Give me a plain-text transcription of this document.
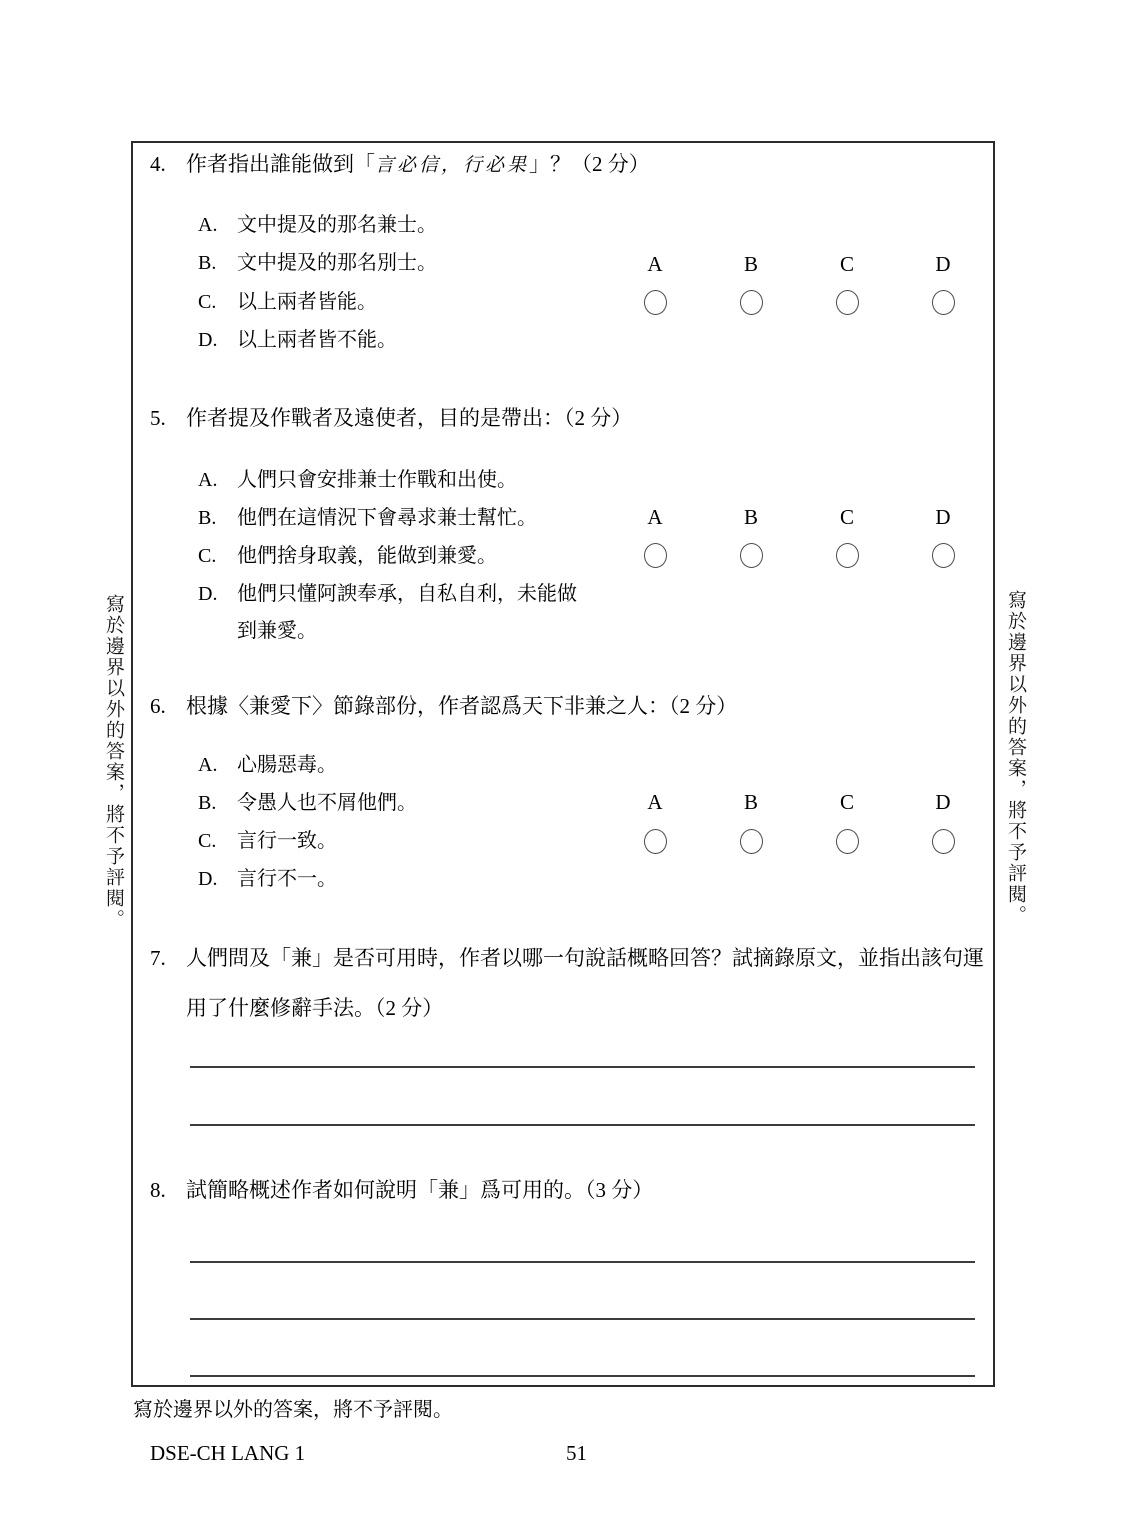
寫於邊界以外的答案，將不予評閱。	寫於邊界以外的答案，將不予評閱。
4. 作者指出誰能做到「言必信，行必果」？（2 分）
A. 文中提及的那名兼士。
B.	文中提及的那名別士。
C.	以上兩者皆能。
D. 以上兩者皆不能。
A	B	C	D
5. 作者提及作戰者及遠使者，目的是帶出：（2 分）
A. 人們只會安排兼士作戰和出使。
B.	他們在這情況下會尋求兼士幫忙。
C.	他們捨身取義，能做到兼愛。
D. 他們只懂阿諛奉承，自私自利，未能做
到兼愛。
A	B	C	D
6. 根據〈兼愛下〉節錄部份，作者認爲天下非兼之人：（2 分）
A. 心腸惡毒。
B.	令愚人也不屑他們。
C.	言行一致。
D. 言行不一。
A	B	C	D
7. 人們問及「兼」是否可用時，作者以哪一句說話概略回答？試摘錄原文，並指出該句運
用了什麼修辭手法。（2 分）
8. 試簡略概述作者如何說明「兼」爲可用的。（3 分）
寫於邊界以外的答案，將不予評閱。
DSE-CH LANG 1	51
